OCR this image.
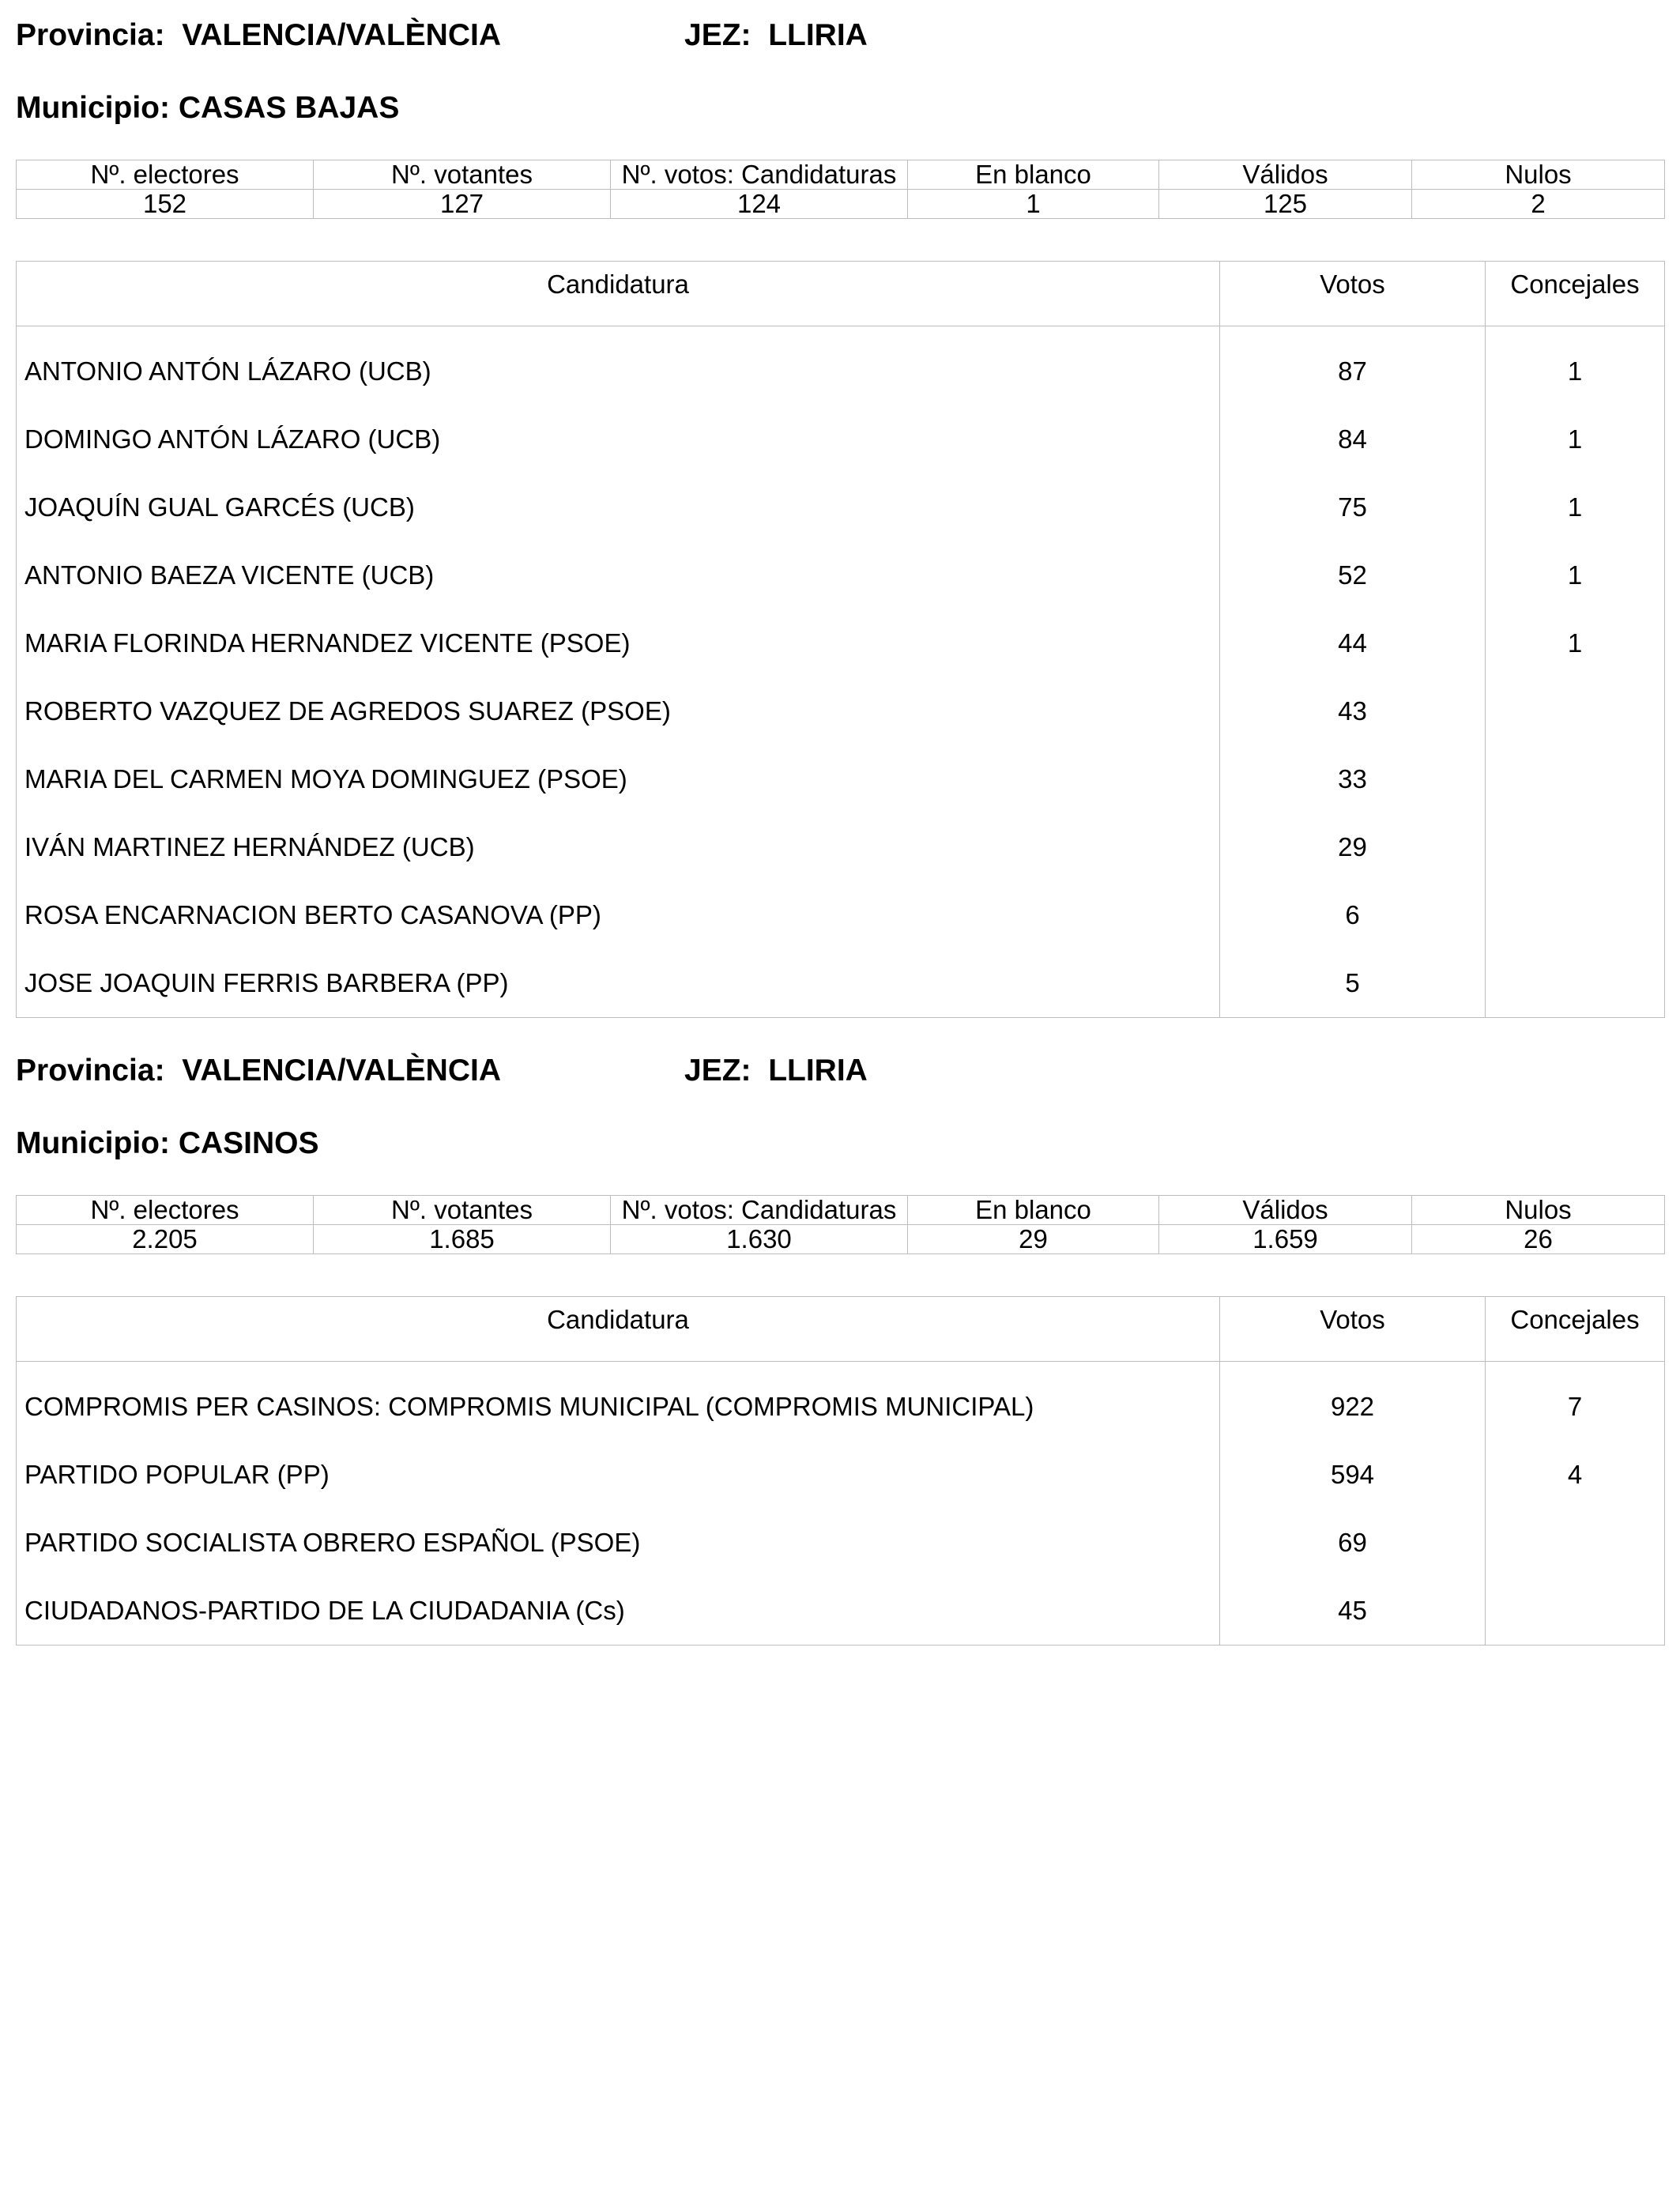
Provincia: VALENCIA/VALÈNCIA	JEZ: LLIRIA
Municipio: CASAS BAJAS
Nº. electores	Nº. votantes	Nº. votos: Candidaturas	En blanco	Válidos	Nulos
152	127	124	1	125	2
Candidatura	Votos	Concejales

ANTONIO ANTÓN LÁZARO (UCB)	87	1
DOMINGO ANTÓN LÁZARO (UCB)	84	1
JOAQUÍN GUAL GARCÉS (UCB)	75	1
ANTONIO BAEZA VICENTE (UCB)	52	1
MARIA FLORINDA HERNANDEZ VICENTE (PSOE)	44	1
ROBERTO VAZQUEZ DE AGREDOS SUAREZ (PSOE)	43	
MARIA DEL CARMEN MOYA DOMINGUEZ (PSOE)	33	
IVÁN MARTINEZ HERNÁNDEZ (UCB)	29	
ROSA ENCARNACION BERTO CASANOVA (PP)	6	
JOSE JOAQUIN FERRIS BARBERA (PP)	5	
Provincia: VALENCIA/VALÈNCIA	JEZ: LLIRIA
Municipio: CASINOS
Nº. electores	Nº. votantes	Nº. votos: Candidaturas	En blanco	Válidos	Nulos
2.205	1.685	1.630	29	1.659	26
Candidatura	Votos	Concejales

COMPROMIS PER CASINOS: COMPROMIS MUNICIPAL (COMPROMIS MUNICIPAL)	922	7
PARTIDO POPULAR (PP)	594	4
PARTIDO SOCIALISTA OBRERO ESPAÑOL (PSOE)	69	
CIUDADANOS-PARTIDO DE LA CIUDADANIA (Cs)	45	
